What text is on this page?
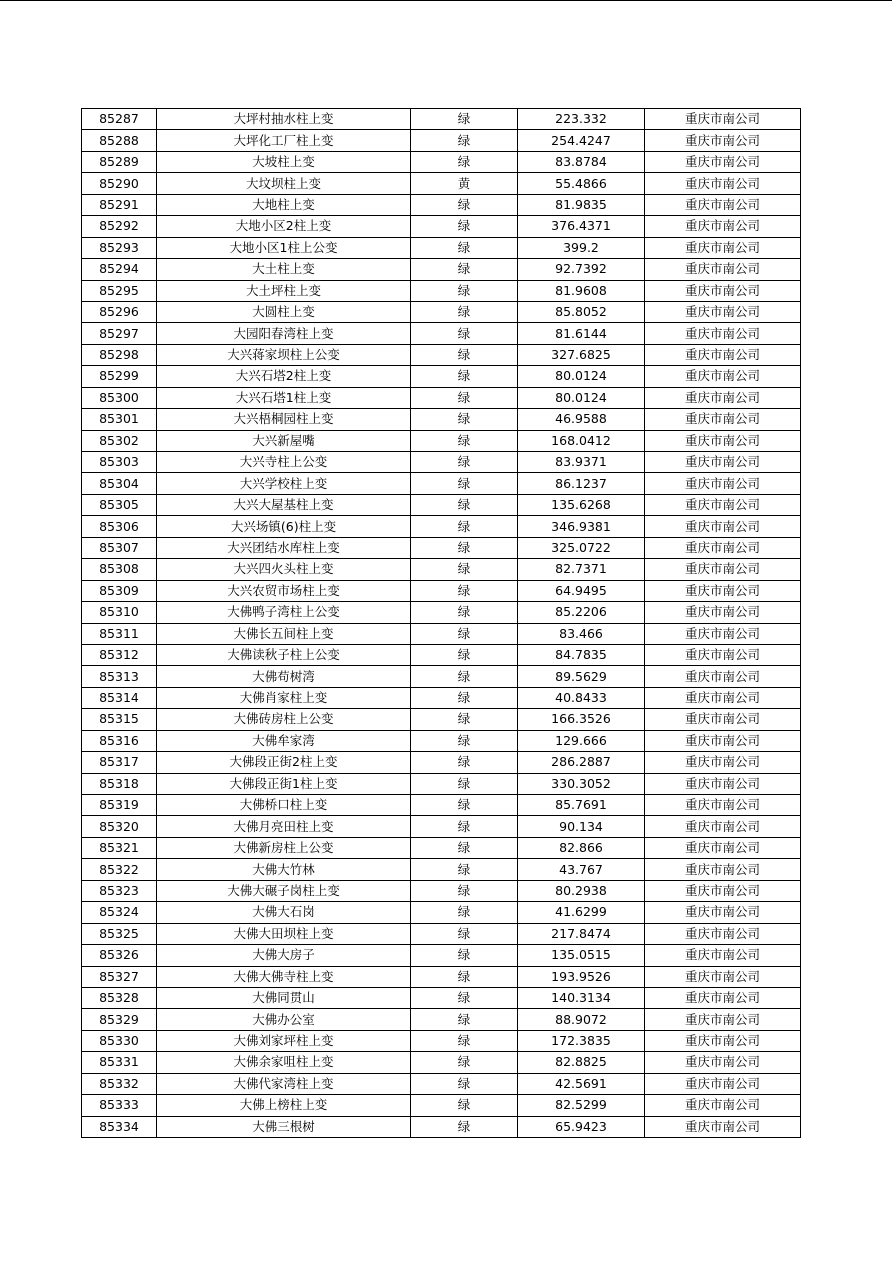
85287	大坪村抽水柱上变	绿	223.332	重庆市南公司
85288	大坪化工厂柱上变	绿	254.4247	重庆市南公司
85289	大坡柱上变	绿	83.8784	重庆市南公司
85290	大坟坝柱上变	黄	55.4866	重庆市南公司
85291	大地柱上变	绿	81.9835	重庆市南公司
85292	大地小区2柱上变	绿	376.4371	重庆市南公司
85293	大地小区1柱上公变	绿	399.2	重庆市南公司
85294	大土柱上变	绿	92.7392	重庆市南公司
85295	大土坪柱上变	绿	81.9608	重庆市南公司
85296	大圆柱上变	绿	85.8052	重庆市南公司
85297	大园阳春湾柱上变	绿	81.6144	重庆市南公司
85298	大兴蒋家坝柱上公变	绿	327.6825	重庆市南公司
85299	大兴石塔2柱上变	绿	80.0124	重庆市南公司
85300	大兴石塔1柱上变	绿	80.0124	重庆市南公司
85301	大兴梧桐园柱上变	绿	46.9588	重庆市南公司
85302	大兴新屋嘴	绿	168.0412	重庆市南公司
85303	大兴寺柱上公变	绿	83.9371	重庆市南公司
85304	大兴学校柱上变	绿	86.1237	重庆市南公司
85305	大兴大屋基柱上变	绿	135.6268	重庆市南公司
85306	大兴场镇(6)柱上变	绿	346.9381	重庆市南公司
85307	大兴团结水库柱上变	绿	325.0722	重庆市南公司
85308	大兴四火头柱上变	绿	82.7371	重庆市南公司
85309	大兴农贸市场柱上变	绿	64.9495	重庆市南公司
85310	大佛鸭子湾柱上公变	绿	85.2206	重庆市南公司
85311	大佛长五间柱上变	绿	83.466	重庆市南公司
85312	大佛读秋子柱上公变	绿	84.7835	重庆市南公司
85313	大佛苟树湾	绿	89.5629	重庆市南公司
85314	大佛肖家柱上变	绿	40.8433	重庆市南公司
85315	大佛砖房柱上公变	绿	166.3526	重庆市南公司
85316	大佛牟家湾	绿	129.666	重庆市南公司
85317	大佛段正街2柱上变	绿	286.2887	重庆市南公司
85318	大佛段正街1柱上变	绿	330.3052	重庆市南公司
85319	大佛桥口柱上变	绿	85.7691	重庆市南公司
85320	大佛月亮田柱上变	绿	90.134	重庆市南公司
85321	大佛新房柱上公变	绿	82.866	重庆市南公司
85322	大佛大竹林	绿	43.767	重庆市南公司
85323	大佛大碾子岗柱上变	绿	80.2938	重庆市南公司
85324	大佛大石岗	绿	41.6299	重庆市南公司
85325	大佛大田坝柱上变	绿	217.8474	重庆市南公司
85326	大佛大房子	绿	135.0515	重庆市南公司
85327	大佛大佛寺柱上变	绿	193.9526	重庆市南公司
85328	大佛同贯山	绿	140.3134	重庆市南公司
85329	大佛办公室	绿	88.9072	重庆市南公司
85330	大佛刘家坪柱上变	绿	172.3835	重庆市南公司
85331	大佛余家咀柱上变	绿	82.8825	重庆市南公司
85332	大佛代家湾柱上变	绿	42.5691	重庆市南公司
85333	大佛上榜柱上变	绿	82.5299	重庆市南公司
85334	大佛三根树	绿	65.9423	重庆市南公司
